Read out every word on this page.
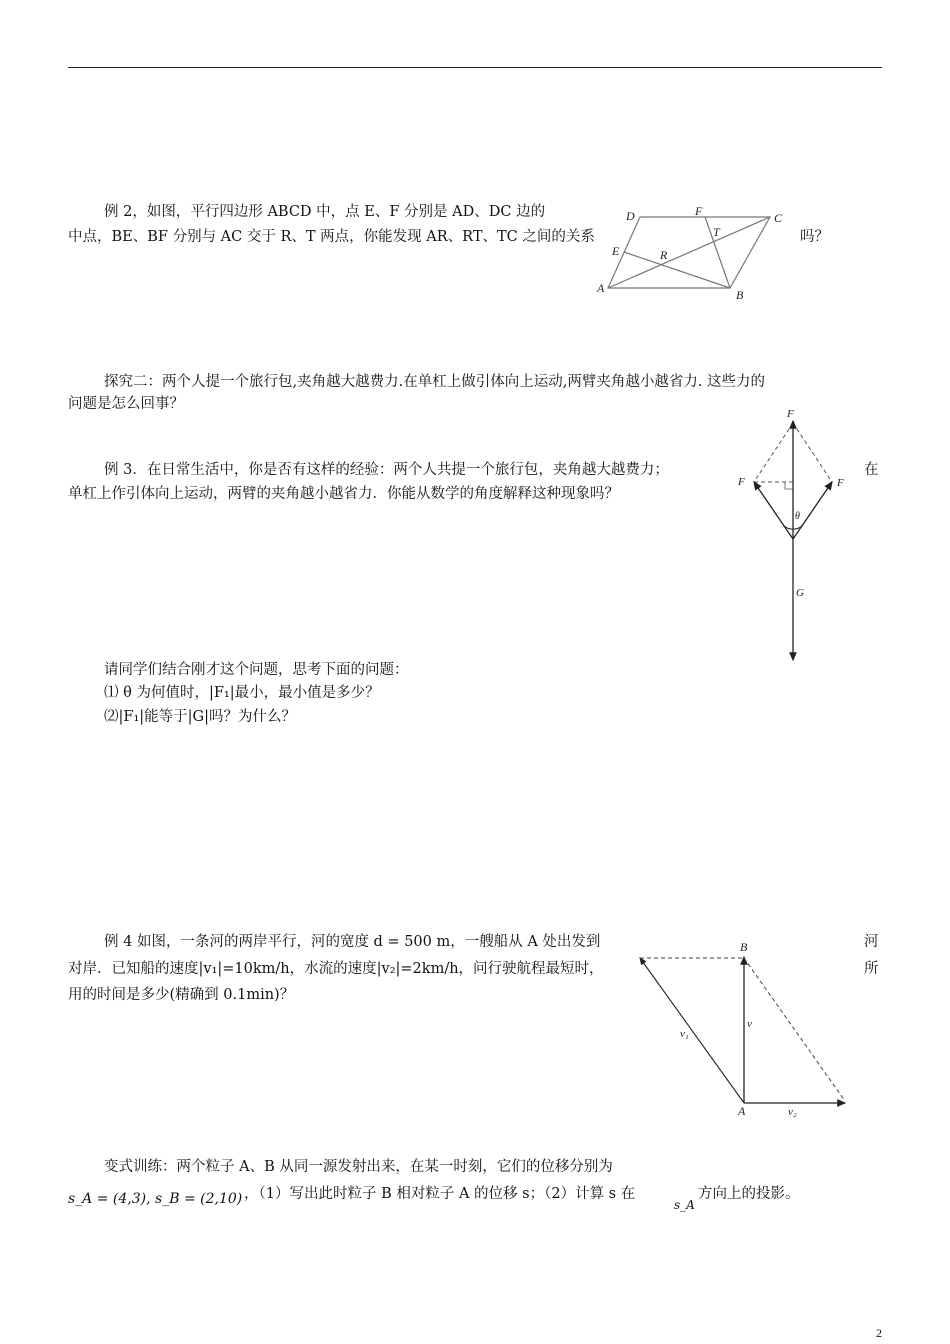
例 2，如图，平行四边形 ABCD 中，点 E、F 分别是 AD、DC 边的
中点，BE、BF 分别与 AC 交于 R、T 两点，你能发现 AR、RT、TC 之间的关系	吗？
D	F	C
E
T
R
A	B
探究二：两个人提一个旅行包,夹角越大越费力.在单杠上做引体向上运动,两臂夹角越小越省力. 这些力的
问题是怎么回事？
例 3．在日常生活中，你是否有这样的经验：两个人共提一个旅行包，夹角越大越费力；	在
单杠上作引体向上运动，两臂的夹角越小越省力．你能从数学的角度解释这种现象吗？
F
F	F
θ
G
请同学们结合刚才这个问题，思考下面的问题：
⑴ θ 为何值时，|F₁|最小，最小值是多少？
⑵|F₁|能等于|G|吗？为什么？
例 4 如图，一条河的两岸平行，河的宽度 d = 500 m，一艘船从 A 处出发到	河
对岸．已知船的速度|v₁|=10km/h，水流的速度|v₂|=2km/h，问行驶航程最短时，	所
用的时间是多少(精确到 0.1min)？
B
v
v₁
v₂
A
变式训练：两个粒子 A、B 从同一源发射出来，在某一时刻，它们的位移分别为
s_A = (4,3), s_B = (2,10) ，（1）写出此时粒子 B 相对粒子 A 的位移 s；（2）计算 s 在
s_A
方向上的投影。
2
